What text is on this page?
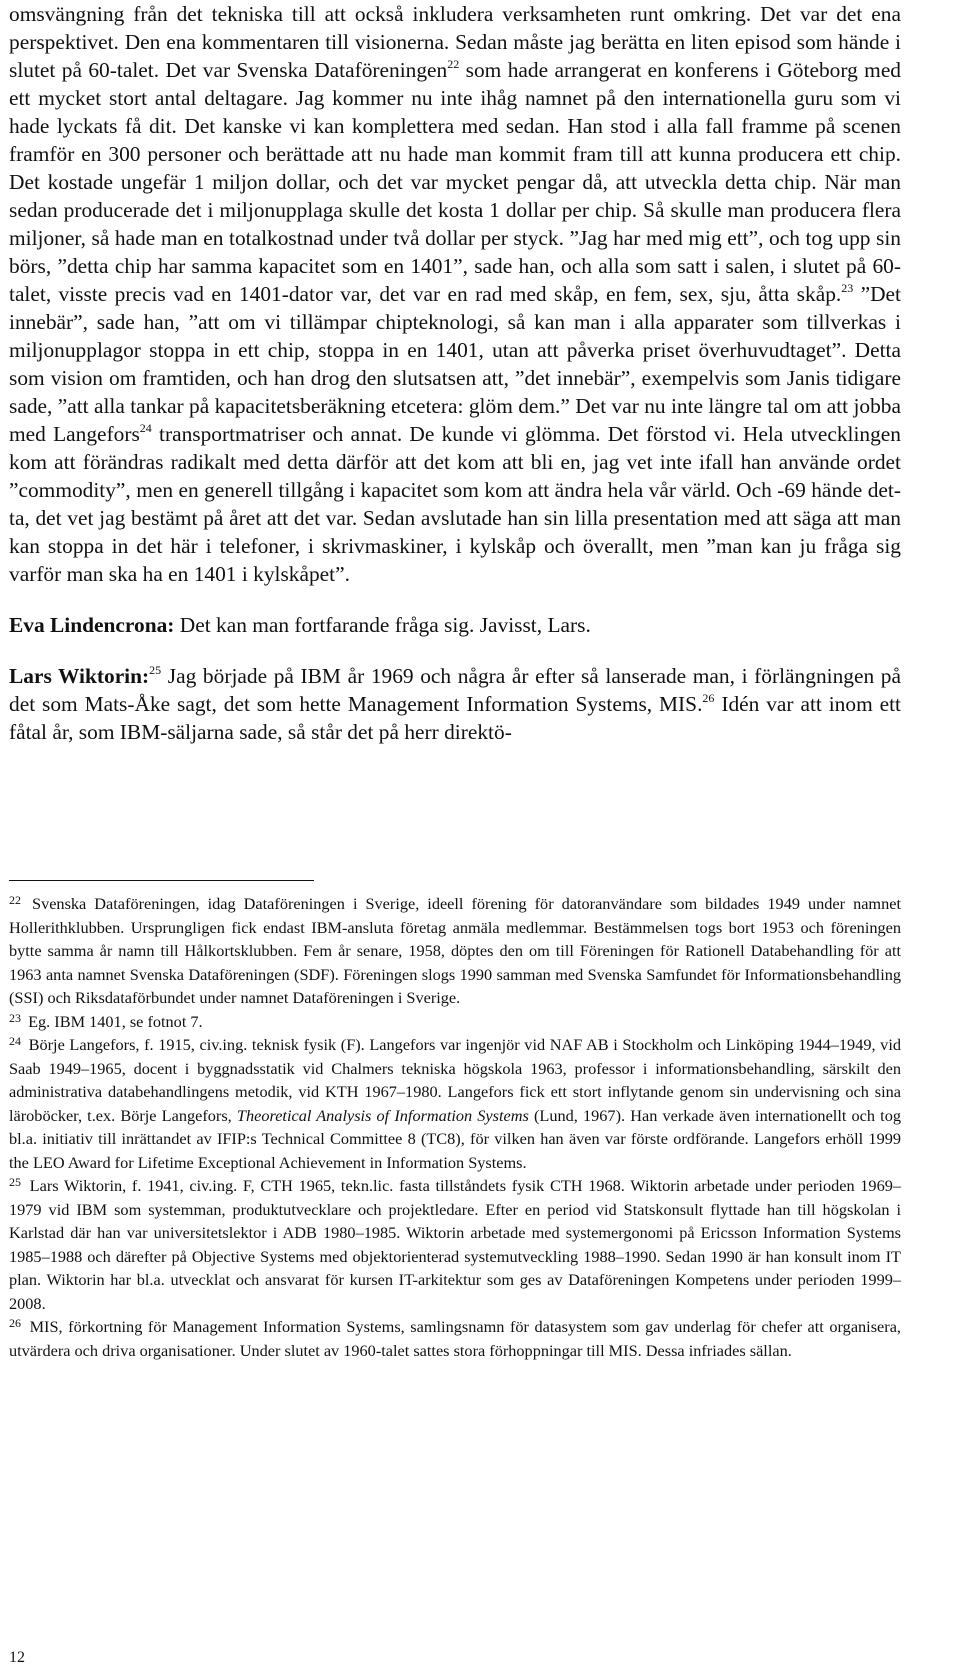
omsvängning från det tekniska till att också inkludera verksamheten runt omkring. Det var det ena perspektivet. Den ena kommentaren till visionerna. Sedan måste jag berätta en liten episod som hände i slutet på 60-talet. Det var Svenska Dataföreningen$^{22}$ som hade arrangerat en konferens i Göteborg med ett mycket stort antal deltagare. Jag kommer nu inte ihåg namnet på den internationella guru som vi hade lyckats få dit. Det kanske vi kan komplettera med sedan. Han stod i alla fall framme på scenen framför en 300 personer och berättade att nu hade man kommit fram till att kunna producera ett chip. Det kostade ungefär 1 miljon dollar, och det var mycket pengar då, att utveckla detta chip. När man sedan producerade det i miljonupplaga skulle det kosta 1 dollar per chip. Så skulle man producera flera miljoner, så hade man en totalkostnad under två dollar per styck. ”Jag har med mig ett”, och tog upp sin börs, ”detta chip har samma kapacitet som en 1401”, sade han, och alla som satt i salen, i slutet på 60-talet, visste precis vad en 1401-dator var, det var en rad med skåp, en fem, sex, sju, åtta skåp.$^{23}$ ”Det innebär”, sade han, ”att om vi tillämpar chipteknologi, så kan man i alla apparater som tillverkas i miljonupplagor stoppa in ett chip, stoppa in en 1401, utan att påverka priset överhuvudtaget”. Detta som vision om framtiden, och han drog den slutsatsen att, ”det innebär”, exempelvis som Janis tidigare sade, ”att alla tankar på kapacitetsberäkning etcetera: glöm dem.” Det var nu inte längre tal om att jobba med Langefors$^{24}$ transportmatriser och annat. De kunde vi glömma. Det förstod vi. Hela utvecklingen kom att förändras radikalt med detta därför att det kom att bli en, jag vet inte ifall han använde ordet ”commodity”, men en generell tillgång i kapacitet som kom att ändra hela vår värld. Och -69 hände detta, det vet jag bestämt på året att det var. Sedan avslutade han sin lilla presentation med att säga att man kan stoppa in det här i telefoner, i skrivmaskiner, i kylskåp och överallt, men ”man kan ju fråga sig varför man ska ha en 1401 i kylskåpet”.

Eva Lindencrona: Det kan man fortfarande fråga sig. Javisst, Lars.

Lars Wiktorin:$^{25}$ Jag började på IBM år 1969 och några år efter så lanserade man, i förlängningen på det som Mats-Åke sagt, det som hette Management Information Systems, MIS.$^{26}$ Idén var att inom ett fåtal år, som IBM-säljarna sade, så står det på herr direktö-

$^{22}$ Svenska Dataföreningen, idag Dataföreningen i Sverige, ideell förening för datoranvändare som bildades 1949 under namnet Hollerithklubben. Ursprungligen fick endast IBM-ansluta företag anmäla medlemmar. Bestämmelsen togs bort 1953 och föreningen bytte samma år namn till Hålkortsklubben. Fem år senare, 1958, döptes den om till Föreningen för Rationell Databehandling för att 1963 anta namnet Svenska Dataföreningen (SDF). Föreningen slogs 1990 samman med Svenska Samfundet för Informationsbehandling (SSI) och Riksdataförbundet under namnet Dataföreningen i Sverige.

$^{23}$ Eg. IBM 1401, se fotnot 7.

$^{24}$ Börje Langefors, f. 1915, civ.ing. teknisk fysik (F). Langefors var ingenjör vid NAF AB i Stockholm och Linköping 1944–1949, vid Saab 1949–1965, docent i byggnadsstatik vid Chalmers tekniska högskola 1963, professor i informationsbehandling, särskilt den administrativa databehandlingens metodik, vid KTH 1967–1980. Langefors fick ett stort inflytande genom sin undervisning och sina läroböcker, t.ex. Börje Langefors, Theoretical Analysis of Information Systems (Lund, 1967). Han verkade även internationellt och tog bl.a. initiativ till inrättandet av IFIP:s Technical Committee 8 (TC8), för vilken han även var förste ordförande. Langefors erhöll 1999 the LEO Award for Lifetime Exceptional Achievement in Information Systems.

$^{25}$ Lars Wiktorin, f. 1941, civ.ing. F, CTH 1965, tekn.lic. fasta tillståndets fysik CTH 1968. Wiktorin arbetade under perioden 1969–1979 vid IBM som systemman, produktutvecklare och projektledare. Efter en period vid Statskonsult flyttade han till högskolan i Karlstad där han var universitetslektor i ADB 1980–1985. Wiktorin arbetade med systemergonomi på Ericsson Information Systems 1985–1988 och därefter på Objective Systems med objektorienterad systemutveckling 1988–1990. Sedan 1990 är han konsult inom IT plan. Wiktorin har bl.a. utvecklat och ansvarat för kursen IT-arkitektur som ges av Dataföreningen Kompetens under perioden 1999–2008.

$^{26}$ MIS, förkortning för Management Information Systems, samlingsnamn för datasystem som gav underlag för chefer att organisera, utvärdera och driva organisationer. Under slutet av 1960-talet sattes stora förhoppningar till MIS. Dessa infriades sällan.

12
